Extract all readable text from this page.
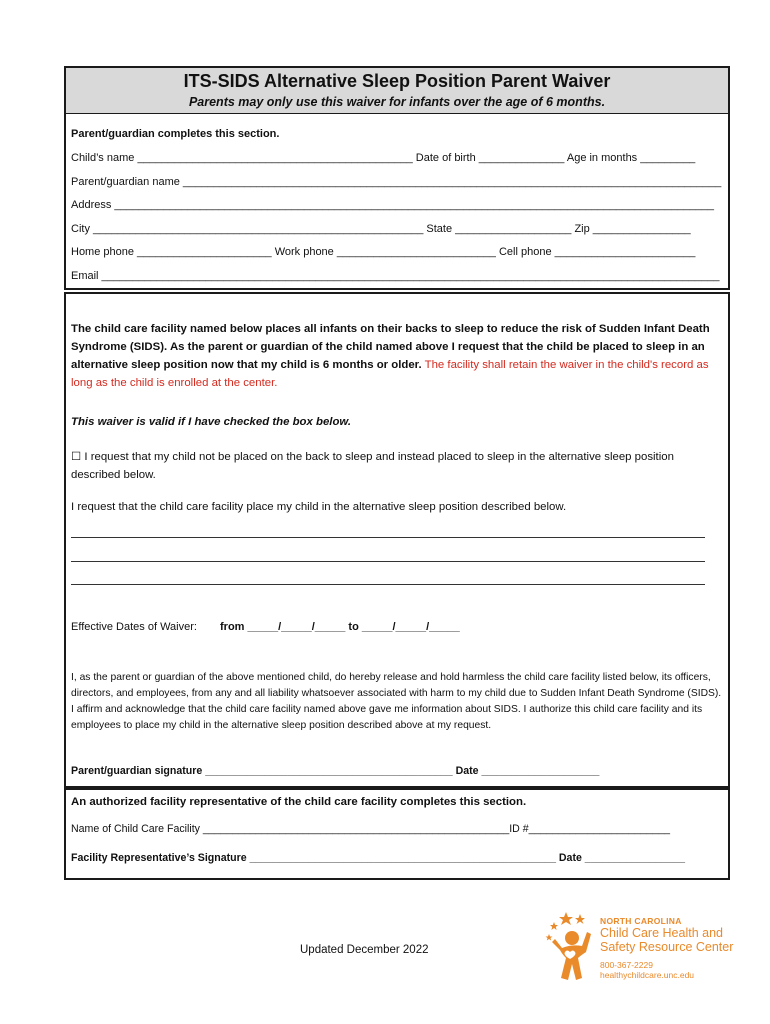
ITS-SIDS Alternative Sleep Position Parent Waiver
Parents may only use this waiver for infants over the age of 6 months.
Parent/guardian completes this section.
Child’s name _____________________________________________ Date of birth ______________ Age in months _________
Parent/guardian name ________________________________________________________________________________________
Address __________________________________________________________________________________________________
City ______________________________________________________ State ___________________ Zip ________________
Home phone ______________________ Work phone __________________________ Cell phone _______________________
Email _____________________________________________________________________________________________________
The child care facility named below places all infants on their backs to sleep to reduce the risk of Sudden Infant Death Syndrome (SIDS). As the parent or guardian of the child named above I request that the child be placed to sleep in an alternative sleep position now that my child is 6 months or older. The facility shall retain the waiver in the child's record as long as the child is enrolled at the center.
This waiver is valid if I have checked the box below.
☐ I request that my child not be placed on the back to sleep and instead placed to sleep in the alternative sleep position described below.
I request that the child care facility place my child in the alternative sleep position described below.
Effective Dates of Waiver: from _____/_____/_____ to _____/_____/_____
I, as the parent or guardian of the above mentioned child, do hereby release and hold harmless the child care facility listed below, its officers, directors, and employees, from any and all liability whatsoever associated with harm to my child due to Sudden Infant Death Syndrome (SIDS). I affirm and acknowledge that the child care facility named above gave me information about SIDS. I authorize this child care facility and its employees to place my child in the alternative sleep position described above at my request.
Parent/guardian signature __________________________________________ Date ____________________
An authorized facility representative of the child care facility completes this section.
Name of Child Care Facility ____________________________________________________ID #________________________
Facility Representative’s Signature ____________________________________________________ Date _________________
Updated December 2022
NORTH CAROLINA
Child Care Health and
Safety Resource Center
800-367-2229
healthychildcare.unc.edu
